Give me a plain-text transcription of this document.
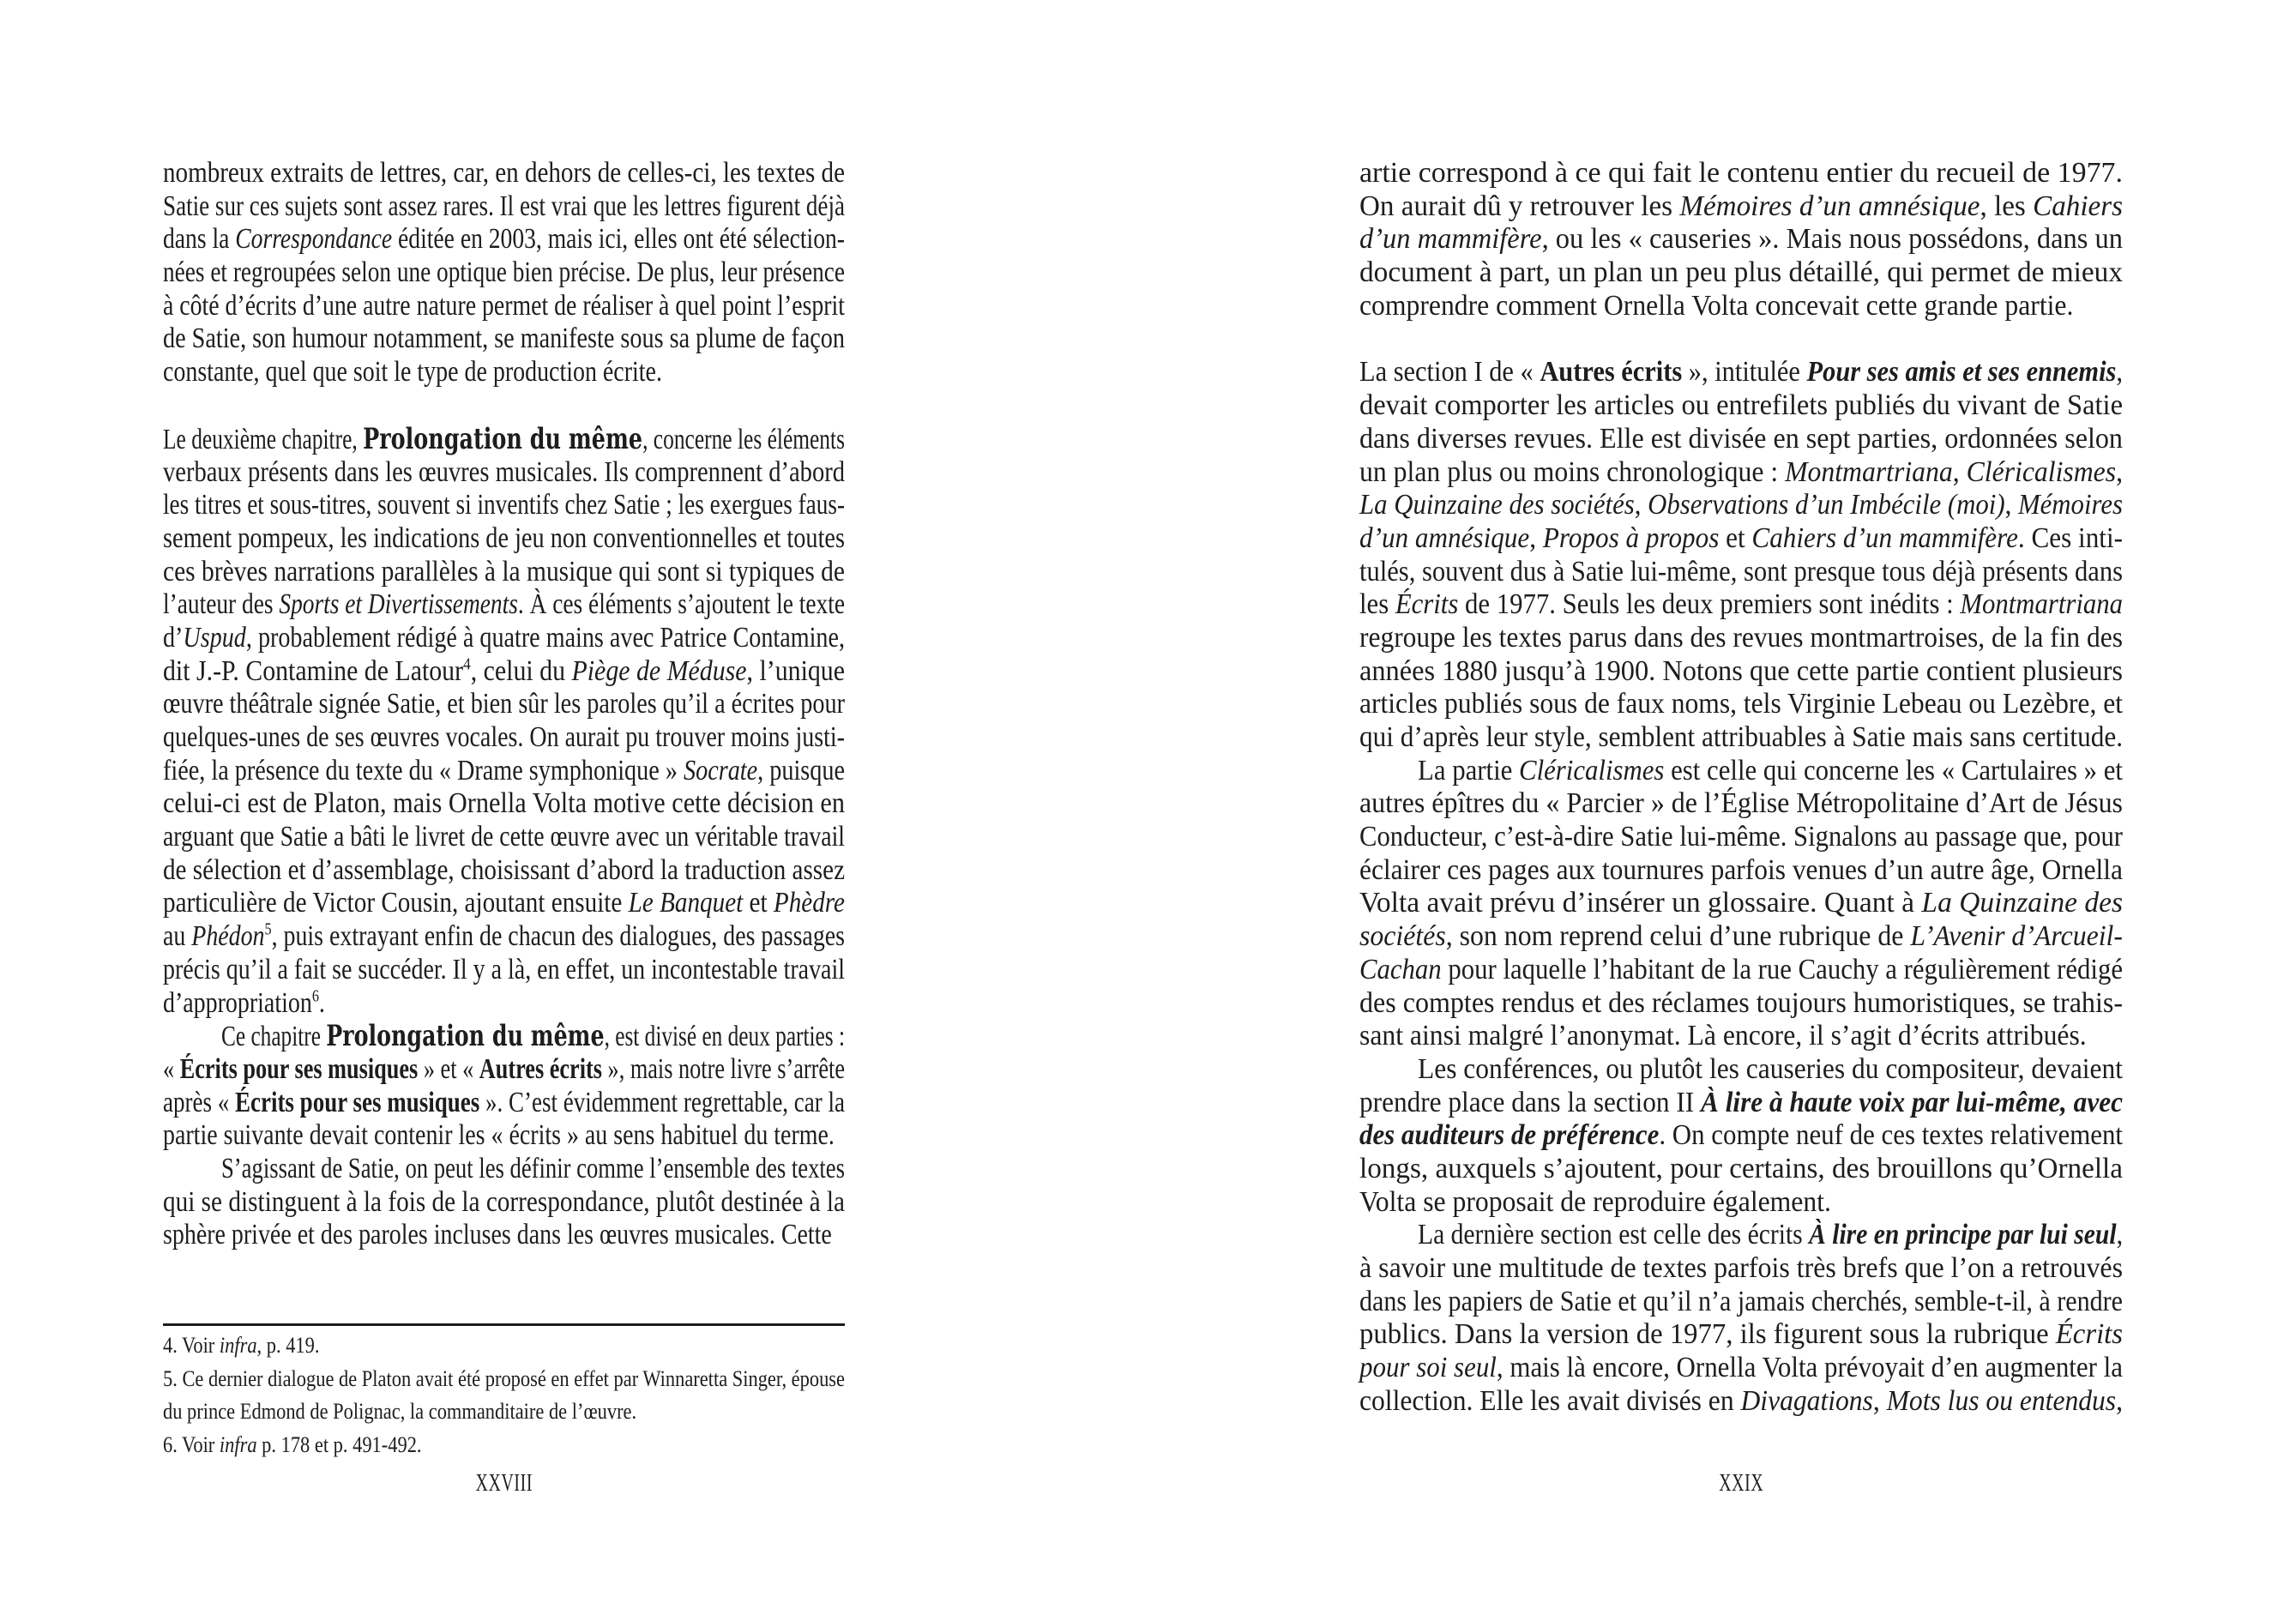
nombreux extraits de lettres, car, en dehors de celles-ci, les textes de
Satie sur ces sujets sont assez rares. Il est vrai que les lettres figurent déjà
dans la Correspondance éditée en 2003, mais ici, elles ont été sélection-
nées et regroupées selon une optique bien précise. De plus, leur présence
à côté d’écrits d’une autre nature permet de réaliser à quel point l’esprit
de Satie, son humour notamment, se manifeste sous sa plume de façon
constante, quel que soit le type de production écrite.
Le deuxième chapitre, Prolongation du même, concerne les éléments
verbaux présents dans les œuvres musicales. Ils comprennent d’abord
les titres et sous-titres, souvent si inventifs chez Satie ; les exergues faus-
sement pompeux, les indications de jeu non conventionnelles et toutes
ces brèves narrations parallèles à la musique qui sont si typiques de
l’auteur des Sports et Divertissements. À ces éléments s’ajoutent le texte
d’Uspud, probablement rédigé à quatre mains avec Patrice Contamine,
dit J.-P. Contamine de Latour$^4$, celui du Piège de Méduse, l’unique
œuvre théâtrale signée Satie, et bien sûr les paroles qu’il a écrites pour
quelques-unes de ses œuvres vocales. On aurait pu trouver moins justi-
fiée, la présence du texte du « Drame symphonique » Socrate, puisque
celui-ci est de Platon, mais Ornella Volta motive cette décision en
arguant que Satie a bâti le livret de cette œuvre avec un véritable travail
de sélection et d’assemblage, choisissant d’abord la traduction assez
particulière de Victor Cousin, ajoutant ensuite Le Banquet et Phèdre
au Phédon$^5$, puis extrayant enfin de chacun des dialogues, des passages
précis qu’il a fait se succéder. Il y a là, en effet, un incontestable travail
d’appropriation$^6$.
Ce chapitre Prolongation du même, est divisé en deux parties :
« Écrits pour ses musiques » et « Autres écrits », mais notre livre s’arrête
après « Écrits pour ses musiques ». C’est évidemment regrettable, car la
partie suivante devait contenir les « écrits » au sens habituel du terme.
S’agissant de Satie, on peut les définir comme l’ensemble des textes
qui se distinguent à la fois de la correspondance, plutôt destinée à la
sphère privée et des paroles incluses dans les œuvres musicales. Cette
artie correspond à ce qui fait le contenu entier du recueil de 1977.
On aurait dû y retrouver les Mémoires d’un amnésique, les Cahiers
d’un mammifère, ou les « causeries ». Mais nous possédons, dans un
document à part, un plan un peu plus détaillé, qui permet de mieux
comprendre comment Ornella Volta concevait cette grande partie.
La section I de « Autres écrits », intitulée Pour ses amis et ses ennemis,
devait comporter les articles ou entrefilets publiés du vivant de Satie
dans diverses revues. Elle est divisée en sept parties, ordonnées selon
un plan plus ou moins chronologique : Montmartriana, Cléricalismes,
La Quinzaine des sociétés, Observations d’un Imbécile (moi), Mémoires
d’un amnésique, Propos à propos et Cahiers d’un mammifère. Ces inti-
tulés, souvent dus à Satie lui-même, sont presque tous déjà présents dans
les Écrits de 1977. Seuls les deux premiers sont inédits : Montmartriana
regroupe les textes parus dans des revues montmartroises, de la fin des
années 1880 jusqu’à 1900. Notons que cette partie contient plusieurs
articles publiés sous de faux noms, tels Virginie Lebeau ou Lezèbre, et
qui d’après leur style, semblent attribuables à Satie mais sans certitude.
La partie Cléricalismes est celle qui concerne les « Cartulaires » et
autres épîtres du « Parcier » de l’Église Métropolitaine d’Art de Jésus
Conducteur, c’est-à-dire Satie lui-même. Signalons au passage que, pour
éclairer ces pages aux tournures parfois venues d’un autre âge, Ornella
Volta avait prévu d’insérer un glossaire. Quant à La Quinzaine des
sociétés, son nom reprend celui d’une rubrique de L’Avenir d’Arcueil-
Cachan pour laquelle l’habitant de la rue Cauchy a régulièrement rédigé
des comptes rendus et des réclames toujours humoristiques, se trahis-
sant ainsi malgré l’anonymat. Là encore, il s’agit d’écrits attribués.
Les conférences, ou plutôt les causeries du compositeur, devaient
prendre place dans la section II À lire à haute voix par lui-même, avec
des auditeurs de préférence. On compte neuf de ces textes relativement
longs, auxquels s’ajoutent, pour certains, des brouillons qu’Ornella
Volta se proposait de reproduire également.
La dernière section est celle des écrits À lire en principe par lui seul,
à savoir une multitude de textes parfois très brefs que l’on a retrouvés
dans les papiers de Satie et qu’il n’a jamais cherchés, semble-t-il, à rendre
publics. Dans la version de 1977, ils figurent sous la rubrique Écrits
pour soi seul, mais là encore, Ornella Volta prévoyait d’en augmenter la
collection. Elle les avait divisés en Divagations, Mots lus ou entendus,
4. Voir infra, p. 419.
5. Ce dernier dialogue de Platon avait été proposé en effet par Winnaretta Singer, épouse
du prince Edmond de Polignac, la commanditaire de l’œuvre.
6. Voir infra p. 178 et p. 491-492.
XXVIII	XXIX
